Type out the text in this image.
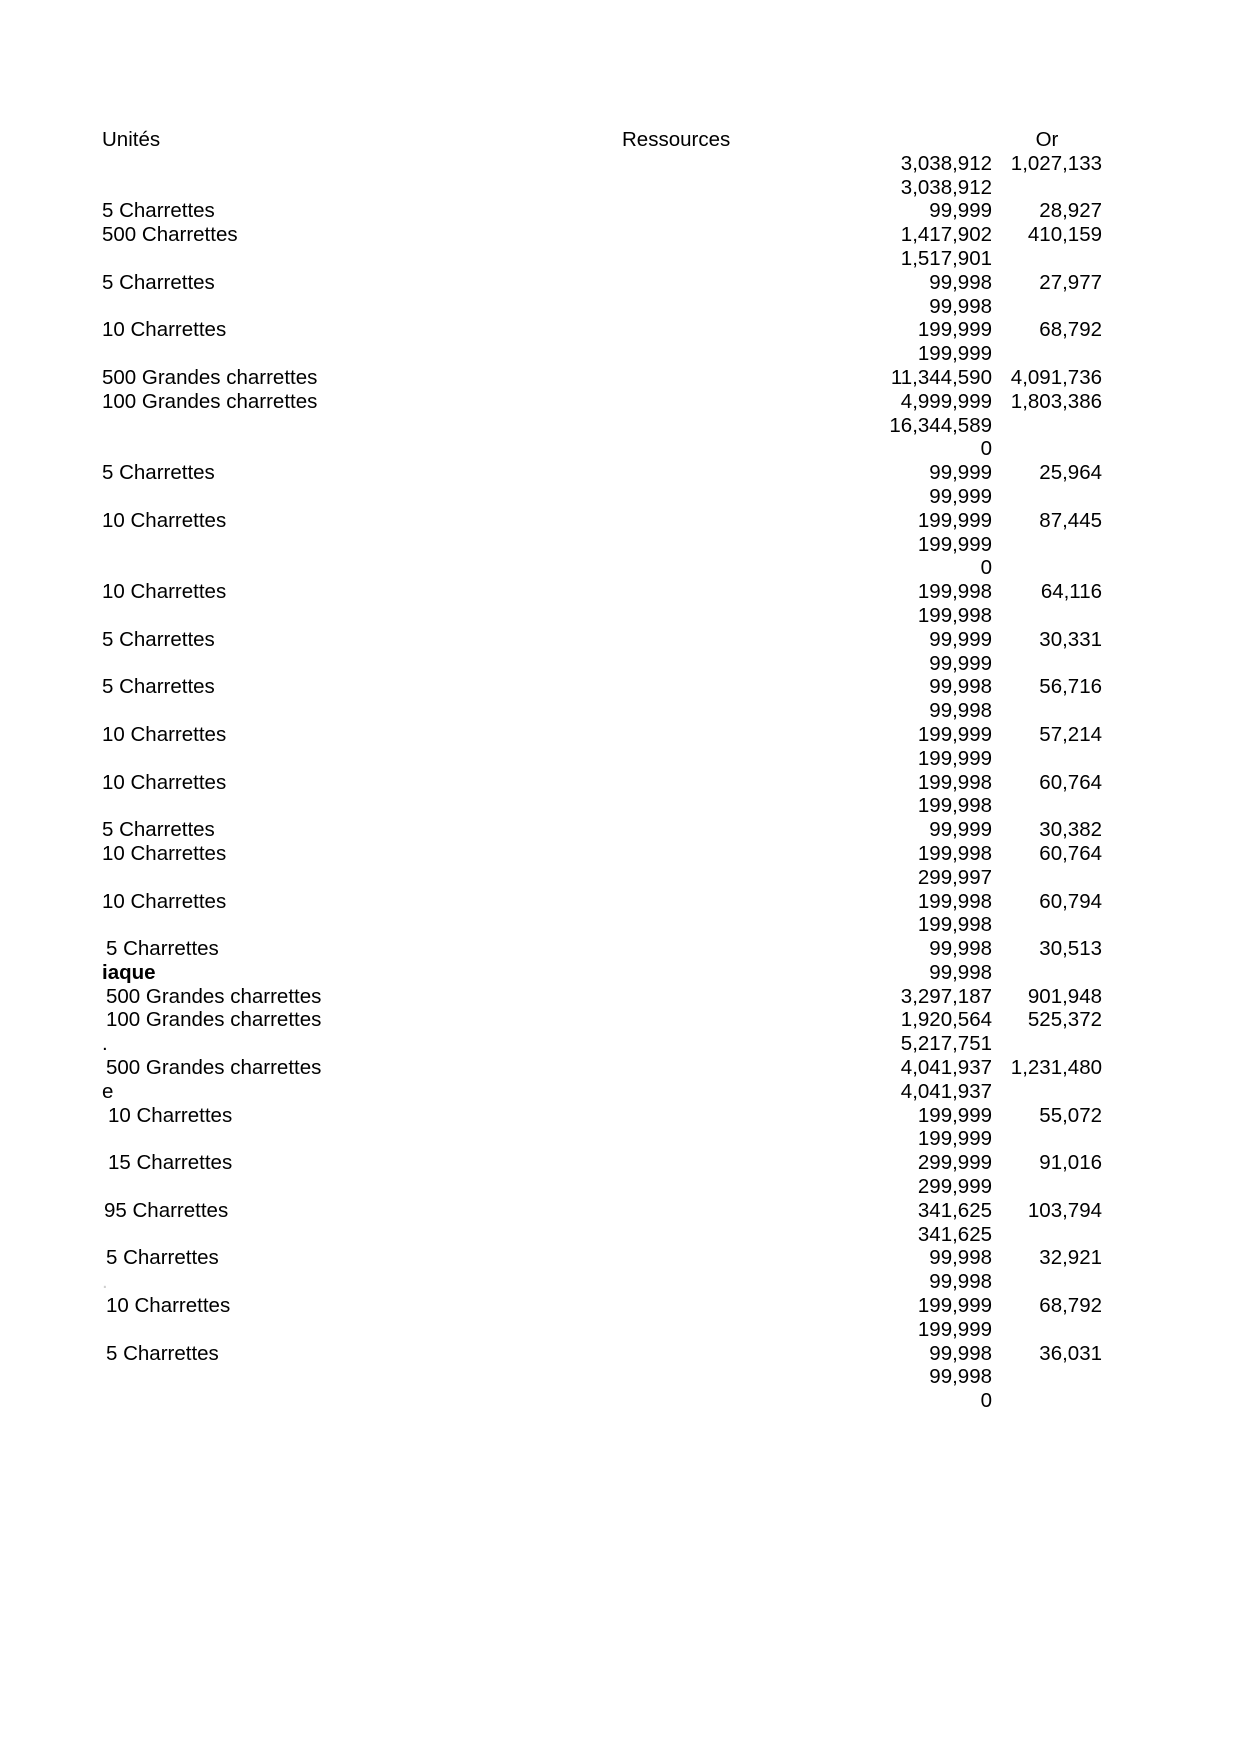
Unités	Ressources	Or
	3,038,912	1,027,133
	3,038,912	
5 Charrettes	99,999	28,927
500 Charrettes	1,417,902	410,159
	1,517,901	
5 Charrettes	99,998	27,977
	99,998	
10 Charrettes	199,999	68,792
	199,999	
500 Grandes charrettes	11,344,590	4,091,736
100 Grandes charrettes	4,999,999	1,803,386
	16,344,589	
	0	
5 Charrettes	99,999	25,964
	99,999	
10 Charrettes	199,999	87,445
	199,999	
	0	
10 Charrettes	199,998	64,116
	199,998	
5 Charrettes	99,999	30,331
	99,999	
5 Charrettes	99,998	56,716
	99,998	
10 Charrettes	199,999	57,214
	199,999	
10 Charrettes	199,998	60,764
	199,998	
5 Charrettes	99,999	30,382
10 Charrettes	199,998	60,764
	299,997	
10 Charrettes	199,998	60,794
	199,998	
5 Charrettes	99,998	30,513
iaque	99,998	
500 Grandes charrettes	3,297,187	901,948
100 Grandes charrettes	1,920,564	525,372
.	5,217,751	
500 Grandes charrettes	4,041,937	1,231,480
e	4,041,937	
10 Charrettes	199,999	55,072
	199,999	
15 Charrettes	299,999	91,016
	299,999	
95 Charrettes	341,625	103,794
	341,625	
5 Charrettes	99,998	32,921
.	99,998	
10 Charrettes	199,999	68,792
	199,999	
5 Charrettes	99,998	36,031
	99,998	
	0	
